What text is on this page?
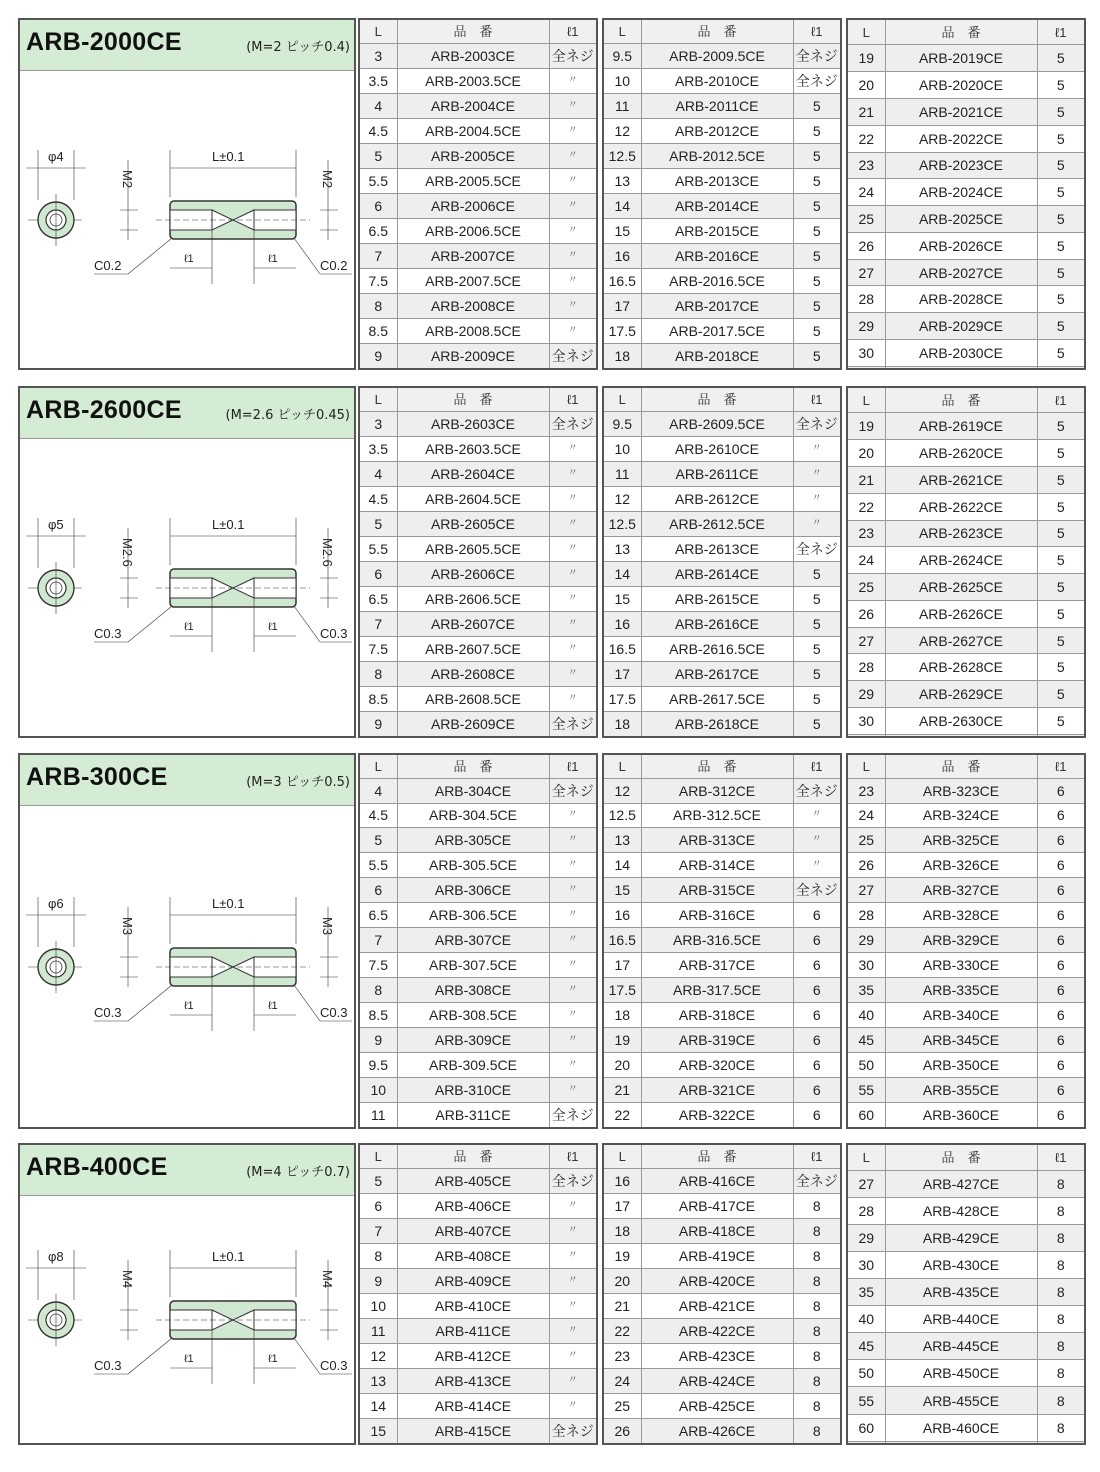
ARB-2000CE	(M=2 ピッチ0.4)
φ4	L±0.1
M2	M2
ℓ1	ℓ1
C0.2	C0.2
L	品　番	ℓ1
3	ARB-2003CE	全ネジ
3.5	ARB-2003.5CE	〃
4	ARB-2004CE	〃
4.5	ARB-2004.5CE	〃
5	ARB-2005CE	〃
5.5	ARB-2005.5CE	〃
6	ARB-2006CE	〃
6.5	ARB-2006.5CE	〃
7	ARB-2007CE	〃
7.5	ARB-2007.5CE	〃
8	ARB-2008CE	〃
8.5	ARB-2008.5CE	〃
9	ARB-2009CE	全ネジ
L	品　番	ℓ1
9.5	ARB-2009.5CE	全ネジ
10	ARB-2010CE	全ネジ
11	ARB-2011CE	5
12	ARB-2012CE	5
12.5	ARB-2012.5CE	5
13	ARB-2013CE	5
14	ARB-2014CE	5
15	ARB-2015CE	5
16	ARB-2016CE	5
16.5	ARB-2016.5CE	5
17	ARB-2017CE	5
17.5	ARB-2017.5CE	5
18	ARB-2018CE	5
L	品　番	ℓ1
19	ARB-2019CE	5
20	ARB-2020CE	5
21	ARB-2021CE	5
22	ARB-2022CE	5
23	ARB-2023CE	5
24	ARB-2024CE	5
25	ARB-2025CE	5
26	ARB-2026CE	5
27	ARB-2027CE	5
28	ARB-2028CE	5
29	ARB-2029CE	5
30	ARB-2030CE	5

ARB-2600CE	(M=2.6 ピッチ0.45)
φ5	L±0.1
M2.6	M2.6
ℓ1	ℓ1
C0.3	C0.3
L	品　番	ℓ1
3	ARB-2603CE	全ネジ
3.5	ARB-2603.5CE	〃
4	ARB-2604CE	〃
4.5	ARB-2604.5CE	〃
5	ARB-2605CE	〃
5.5	ARB-2605.5CE	〃
6	ARB-2606CE	〃
6.5	ARB-2606.5CE	〃
7	ARB-2607CE	〃
7.5	ARB-2607.5CE	〃
8	ARB-2608CE	〃
8.5	ARB-2608.5CE	〃
9	ARB-2609CE	全ネジ
L	品　番	ℓ1
9.5	ARB-2609.5CE	全ネジ
10	ARB-2610CE	〃
11	ARB-2611CE	〃
12	ARB-2612CE	〃
12.5	ARB-2612.5CE	〃
13	ARB-2613CE	全ネジ
14	ARB-2614CE	5
15	ARB-2615CE	5
16	ARB-2616CE	5
16.5	ARB-2616.5CE	5
17	ARB-2617CE	5
17.5	ARB-2617.5CE	5
18	ARB-2618CE	5
L	品　番	ℓ1
19	ARB-2619CE	5
20	ARB-2620CE	5
21	ARB-2621CE	5
22	ARB-2622CE	5
23	ARB-2623CE	5
24	ARB-2624CE	5
25	ARB-2625CE	5
26	ARB-2626CE	5
27	ARB-2627CE	5
28	ARB-2628CE	5
29	ARB-2629CE	5
30	ARB-2630CE	5

ARB-300CE	(M=3 ピッチ0.5)
φ6	L±0.1
M3	M3
ℓ1	ℓ1
C0.3	C0.3
L	品　番	ℓ1
4	ARB-304CE	全ネジ
4.5	ARB-304.5CE	〃
5	ARB-305CE	〃
5.5	ARB-305.5CE	〃
6	ARB-306CE	〃
6.5	ARB-306.5CE	〃
7	ARB-307CE	〃
7.5	ARB-307.5CE	〃
8	ARB-308CE	〃
8.5	ARB-308.5CE	〃
9	ARB-309CE	〃
9.5	ARB-309.5CE	〃
10	ARB-310CE	〃
11	ARB-311CE	全ネジ
L	品　番	ℓ1
12	ARB-312CE	全ネジ
12.5	ARB-312.5CE	〃
13	ARB-313CE	〃
14	ARB-314CE	〃
15	ARB-315CE	全ネジ
16	ARB-316CE	6
16.5	ARB-316.5CE	6
17	ARB-317CE	6
17.5	ARB-317.5CE	6
18	ARB-318CE	6
19	ARB-319CE	6
20	ARB-320CE	6
21	ARB-321CE	6
22	ARB-322CE	6
L	品　番	ℓ1
23	ARB-323CE	6
24	ARB-324CE	6
25	ARB-325CE	6
26	ARB-326CE	6
27	ARB-327CE	6
28	ARB-328CE	6
29	ARB-329CE	6
30	ARB-330CE	6
35	ARB-335CE	6
40	ARB-340CE	6
45	ARB-345CE	6
50	ARB-350CE	6
55	ARB-355CE	6
60	ARB-360CE	6
ARB-400CE	(M=4 ピッチ0.7)
φ8	L±0.1
M4	M4
ℓ1	ℓ1
C0.3	C0.3
L	品　番	ℓ1
5	ARB-405CE	全ネジ
6	ARB-406CE	〃
7	ARB-407CE	〃
8	ARB-408CE	〃
9	ARB-409CE	〃
10	ARB-410CE	〃
11	ARB-411CE	〃
12	ARB-412CE	〃
13	ARB-413CE	〃
14	ARB-414CE	〃
15	ARB-415CE	全ネジ
L	品　番	ℓ1
16	ARB-416CE	全ネジ
17	ARB-417CE	8
18	ARB-418CE	8
19	ARB-419CE	8
20	ARB-420CE	8
21	ARB-421CE	8
22	ARB-422CE	8
23	ARB-423CE	8
24	ARB-424CE	8
25	ARB-425CE	8
26	ARB-426CE	8
L	品　番	ℓ1
27	ARB-427CE	8
28	ARB-428CE	8
29	ARB-429CE	8
30	ARB-430CE	8
35	ARB-435CE	8
40	ARB-440CE	8
45	ARB-445CE	8
50	ARB-450CE	8
55	ARB-455CE	8
60	ARB-460CE	8
